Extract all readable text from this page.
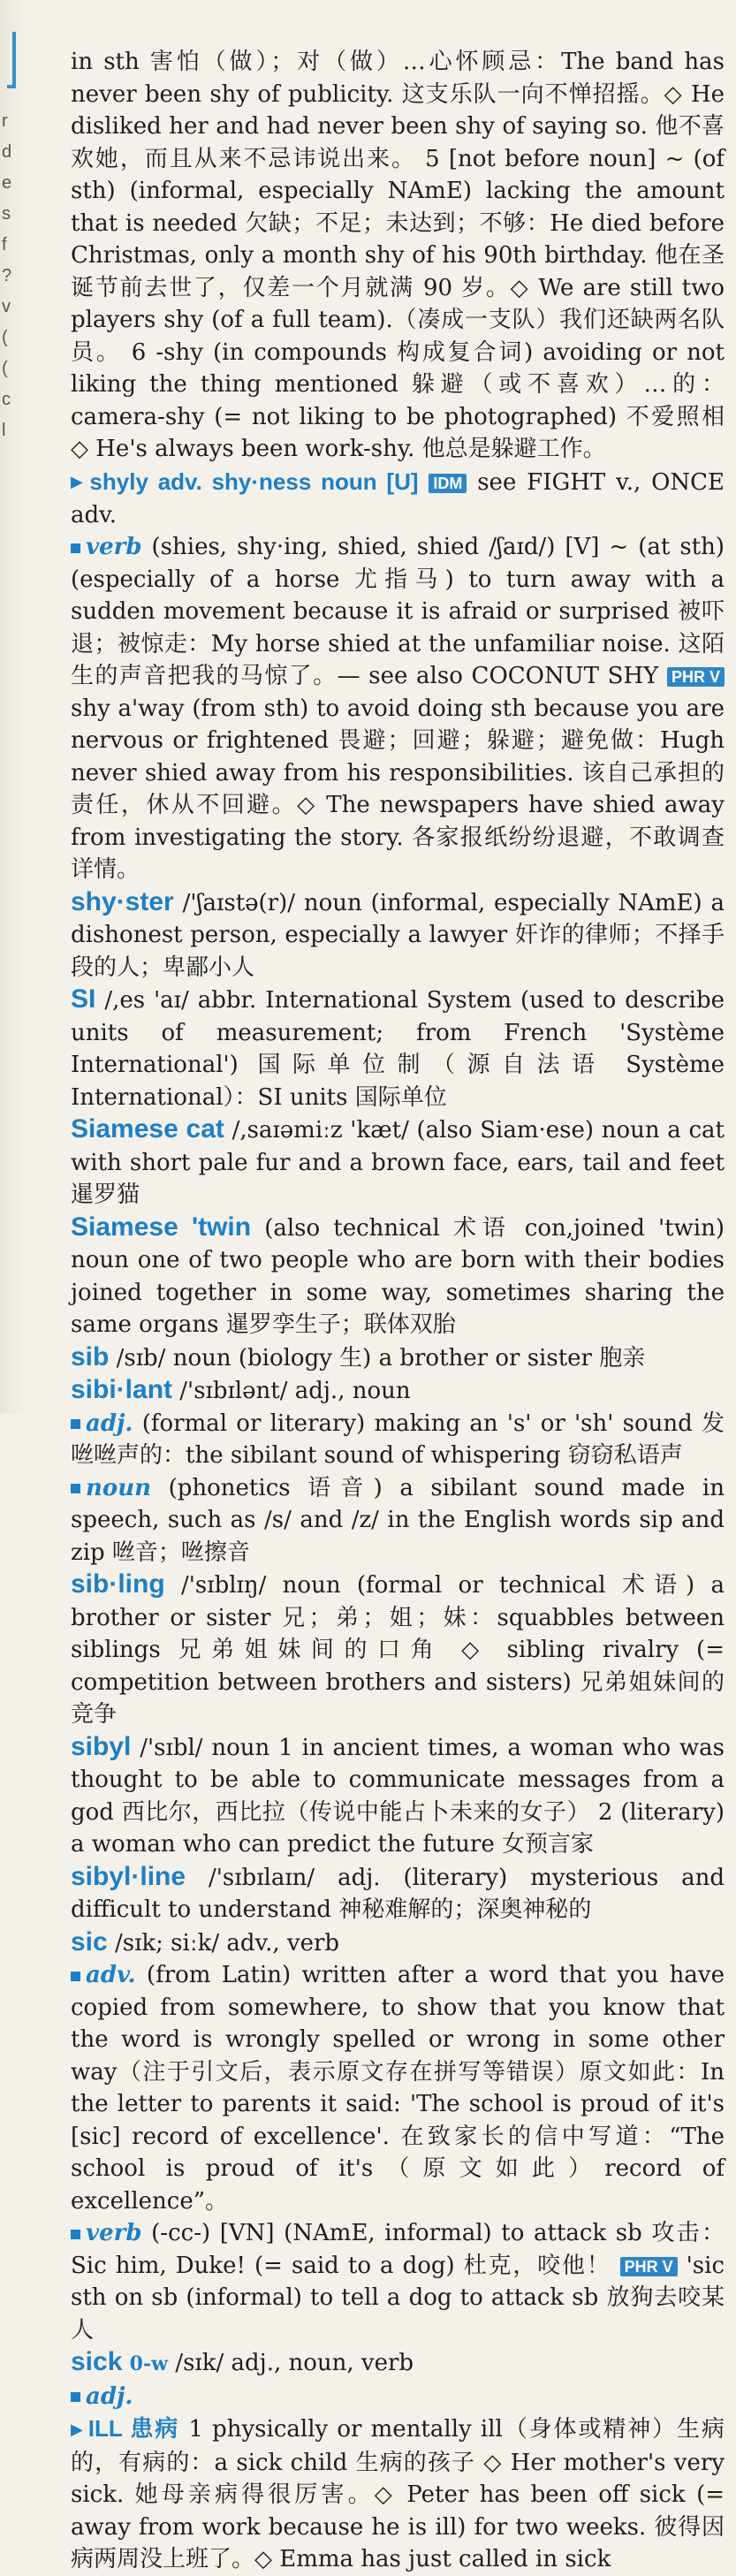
r d e s f ? v ( ( c l

in sth 害怕（做）；对（做）…心怀顾忌：The band has never been shy of publicity. 这支乐队一向不惮招摇。◇ He disliked her and had never been shy of saying so. 他不喜欢她，而且从来不忌讳说出来。 5 [not before noun] ~ (of sth) (informal, especially NAmE) lacking the amount that is needed 欠缺；不足；未达到；不够：He died before Christmas, only a month shy of his 90th birthday. 他在圣诞节前去世了，仅差一个月就满 90 岁。◇ We are still two players shy (of a full team).（凑成一支队）我们还缺两名队员。 6 -shy (in compounds 构成复合词) avoiding or not liking the thing mentioned 躲避（或不喜欢）…的：camera-shy (= not liking to be photographed) 不爱照相 ◇ He's always been work-shy. 他总是躲避工作。

▶ shyly adv. shy·ness noun [U] IDM see FIGHT v., ONCE adv.

verb (shies, shy·ing, shied, shied /ʃaɪd/) [V] ~ (at sth) (especially of a horse 尤指马) to turn away with a sudden movement because it is afraid or surprised 被吓退；被惊走：My horse shied at the unfamiliar noise. 这陌生的声音把我的马惊了。— see also COCONUT SHY PHR V shy a'way (from sth) to avoid doing sth because you are nervous or frightened 畏避；回避；躲避；避免做：Hugh never shied away from his responsibilities. 该自己承担的责任，休从不回避。◇ The newspapers have shied away from investigating the story. 各家报纸纷纷退避，不敢调查详情。

shy·ster /'ʃaɪstə(r)/ noun (informal, especially NAmE) a dishonest person, especially a lawyer 奸诈的律师；不择手段的人；卑鄙小人

SI /,es 'aɪ/ abbr. International System (used to describe units of measurement; from French 'Système International') 国际单位制（源自法语 Système International）：SI units 国际单位

Siamese cat /,saɪəmiːz 'kæt/ (also Siam·ese) noun a cat with short pale fur and a brown face, ears, tail and feet 暹罗猫

Siamese 'twin (also technical 术语 con,joined 'twin) noun one of two people who are born with their bodies joined together in some way, sometimes sharing the same organs 暹罗孪生子；联体双胎

sib /sɪb/ noun (biology 生) a brother or sister 胞亲

sibi·lant /'sɪbɪlənt/ adj., noun

adj. (formal or literary) making an 's' or 'sh' sound 发咝咝声的：the sibilant sound of whispering 窃窃私语声

noun (phonetics 语音) a sibilant sound made in speech, such as /s/ and /z/ in the English words sip and zip 咝音；咝擦音

sib·ling /'sɪblɪŋ/ noun (formal or technical 术语) a brother or sister 兄；弟；姐；妹：squabbles between siblings 兄弟姐妹间的口角 ◇ sibling rivalry (= competition between brothers and sisters) 兄弟姐妹间的竞争

sibyl /'sɪbl/ noun 1 in ancient times, a woman who was thought to be able to communicate messages from a god 西比尔，西比拉（传说中能占卜未来的女子） 2 (literary) a woman who can predict the future 女预言家

sibyl·line /'sɪbɪlaɪn/ adj. (literary) mysterious and difficult to understand 神秘难解的；深奥神秘的

sic /sɪk; siːk/ adv., verb

adv. (from Latin) written after a word that you have copied from somewhere, to show that you know that the word is wrongly spelled or wrong in some other way（注于引文后，表示原文存在拼写等错误）原文如此：In the letter to parents it said: 'The school is proud of it's [sic] record of excellence'. 在致家长的信中写道：“The school is proud of it's（原文如此）record of excellence”。

verb (-cc-) [VN] (NAmE, informal) to attack sb 攻击：Sic him, Duke! (= said to a dog) 杜克，咬他！ PHR V 'sic sth on sb (informal) to tell a dog to attack sb 放狗去咬某人

sick 0-w /sɪk/ adj., noun, verb

adj.

▶ ILL 患病 1 physically or mentally ill（身体或精神）生病的，有病的：a sick child 生病的孩子 ◇ Her mother's very sick. 她母亲病得很厉害。◇ Peter has been off sick (= away from work because he is ill) for two weeks. 彼得因病两周没上班了。◇ Emma has just called in sick
